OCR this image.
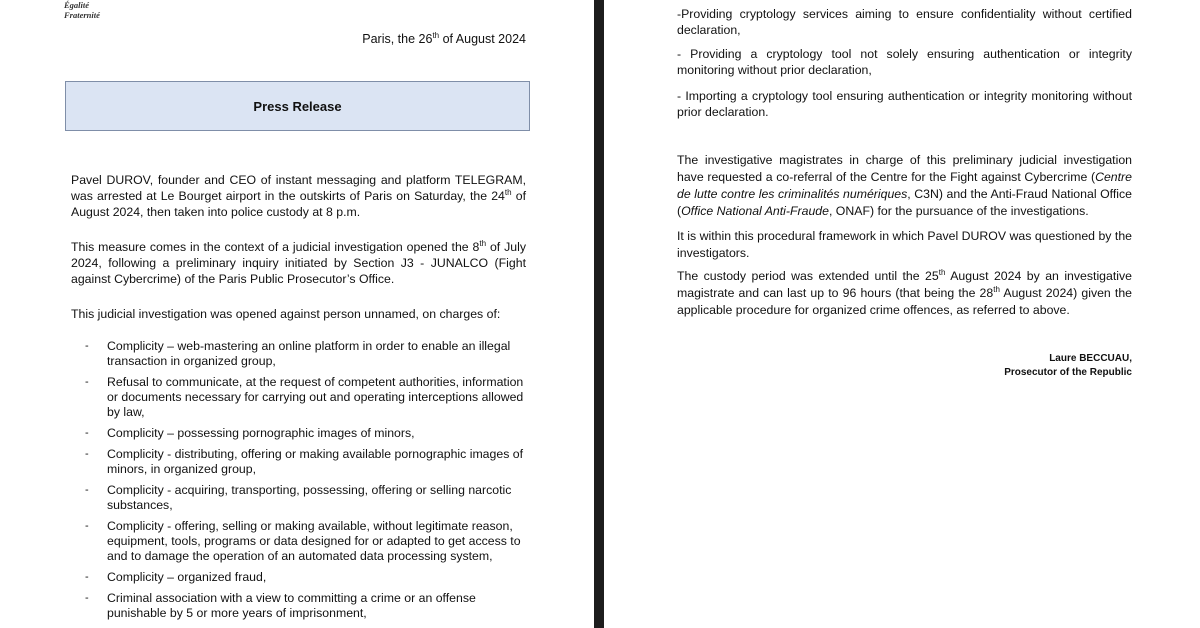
Égalité
Fraternité
Paris, the 26th of August 2024
Press Release

Pavel DUROV, founder and CEO of instant messaging and platform TELEGRAM, was arrested at Le Bourget airport in the outskirts of Paris on Saturday, the 24th of August 2024, then taken into police custody at 8 p.m.

This measure comes in the context of a judicial investigation opened the 8th of July 2024, following a preliminary inquiry initiated by Section J3 - JUNALCO (Fight against Cybercrime) of the Paris Public Prosecutor’s Office.

This judicial investigation was opened against person unnamed, on charges of:

- Complicity – web-mastering an online platform in order to enable an illegal transaction in organized group,
- Refusal to communicate, at the request of competent authorities, information or documents necessary for carrying out and operating interceptions allowed by law,
- Complicity – possessing pornographic images of minors,
- Complicity - distributing, offering or making available pornographic images of minors, in organized group,
- Complicity - acquiring, transporting, possessing, offering or selling narcotic substances,
- Complicity - offering, selling or making available, without legitimate reason, equipment, tools, programs or data designed for or adapted to get access to and to damage the operation of an automated data processing system,
- Complicity – organized fraud,
- Criminal association with a view to committing a crime or an offense punishable by 5 or more years of imprisonment,

-Providing cryptology services aiming to ensure confidentiality without certified declaration,

- Providing a cryptology tool not solely ensuring authentication or integrity monitoring without prior declaration,

- Importing a cryptology tool ensuring authentication or integrity monitoring without prior declaration.

The investigative magistrates in charge of this preliminary judicial investigation have requested a co-referral of the Centre for the Fight against Cybercrime (Centre de lutte contre les criminalités numériques, C3N) and the Anti-Fraud National Office (Office National Anti-Fraude, ONAF) for the pursuance of the investigations.

It is within this procedural framework in which Pavel DUROV was questioned by the investigators.

The custody period was extended until the 25th August 2024 by an investigative magistrate and can last up to 96 hours (that being the 28th August 2024) given the applicable procedure for organized crime offences, as referred to above.

Laure BECCUAU,
Prosecutor of the Republic
